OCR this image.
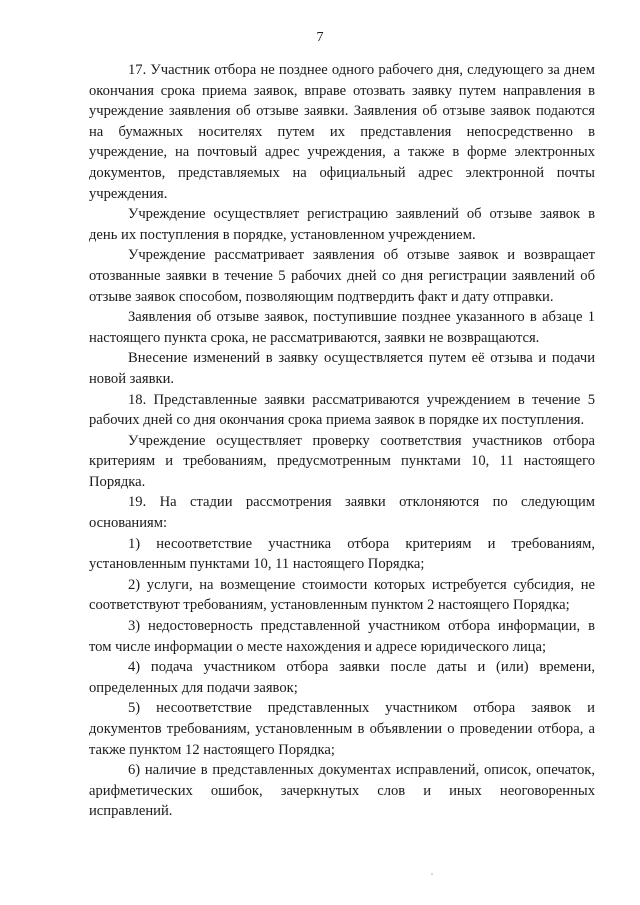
7

17. Участник отбора не позднее одного рабочего дня, следующего за днем окончания срока приема заявок, вправе отозвать заявку путем направления в учреждение заявления об отзыве заявки. Заявления об отзыве заявок подаются на бумажных носителях путем их представления непосредственно в учреждение, на почтовый адрес учреждения, а также в форме электронных документов, представляемых на официальный адрес электронной почты учреждения.

Учреждение осуществляет регистрацию заявлений об отзыве заявок в день их поступления в порядке, установленном учреждением.

Учреждение рассматривает заявления об отзыве заявок и возвращает отозванные заявки в течение 5 рабочих дней со дня регистрации заявлений об отзыве заявок способом, позволяющим подтвердить факт и дату отправки.

Заявления об отзыве заявок, поступившие позднее указанного в абзаце 1 настоящего пункта срока, не рассматриваются, заявки не возвращаются.

Внесение изменений в заявку осуществляется путем её отзыва и подачи новой заявки.

18. Представленные заявки рассматриваются учреждением в течение 5 рабочих дней со дня окончания срока приема заявок в порядке их поступления.

Учреждение осуществляет проверку соответствия участников отбора критериям и требованиям, предусмотренным пунктами 10, 11 настоящего Порядка.

19. На стадии рассмотрения заявки отклоняются по следующим основаниям:

1) несоответствие участника отбора критериям и требованиям, установленным пунктами 10, 11 настоящего Порядка;

2) услуги, на возмещение стоимости которых истребуется субсидия, не соответствуют требованиям, установленным пунктом 2 настоящего Порядка;

3) недостоверность представленной участником отбора информации, в том числе информации о месте нахождения и адресе юридического лица;

4) подача участником отбора заявки после даты и (или) времени, определенных для подачи заявок;

5) несоответствие представленных участником отбора заявок и документов требованиям, установленным в объявлении о проведении отбора, а также пунктом 12 настоящего Порядка;

6) наличие в представленных документах исправлений, описок, опечаток, арифметических ошибок, зачеркнутых слов и иных неоговоренных исправлений.
